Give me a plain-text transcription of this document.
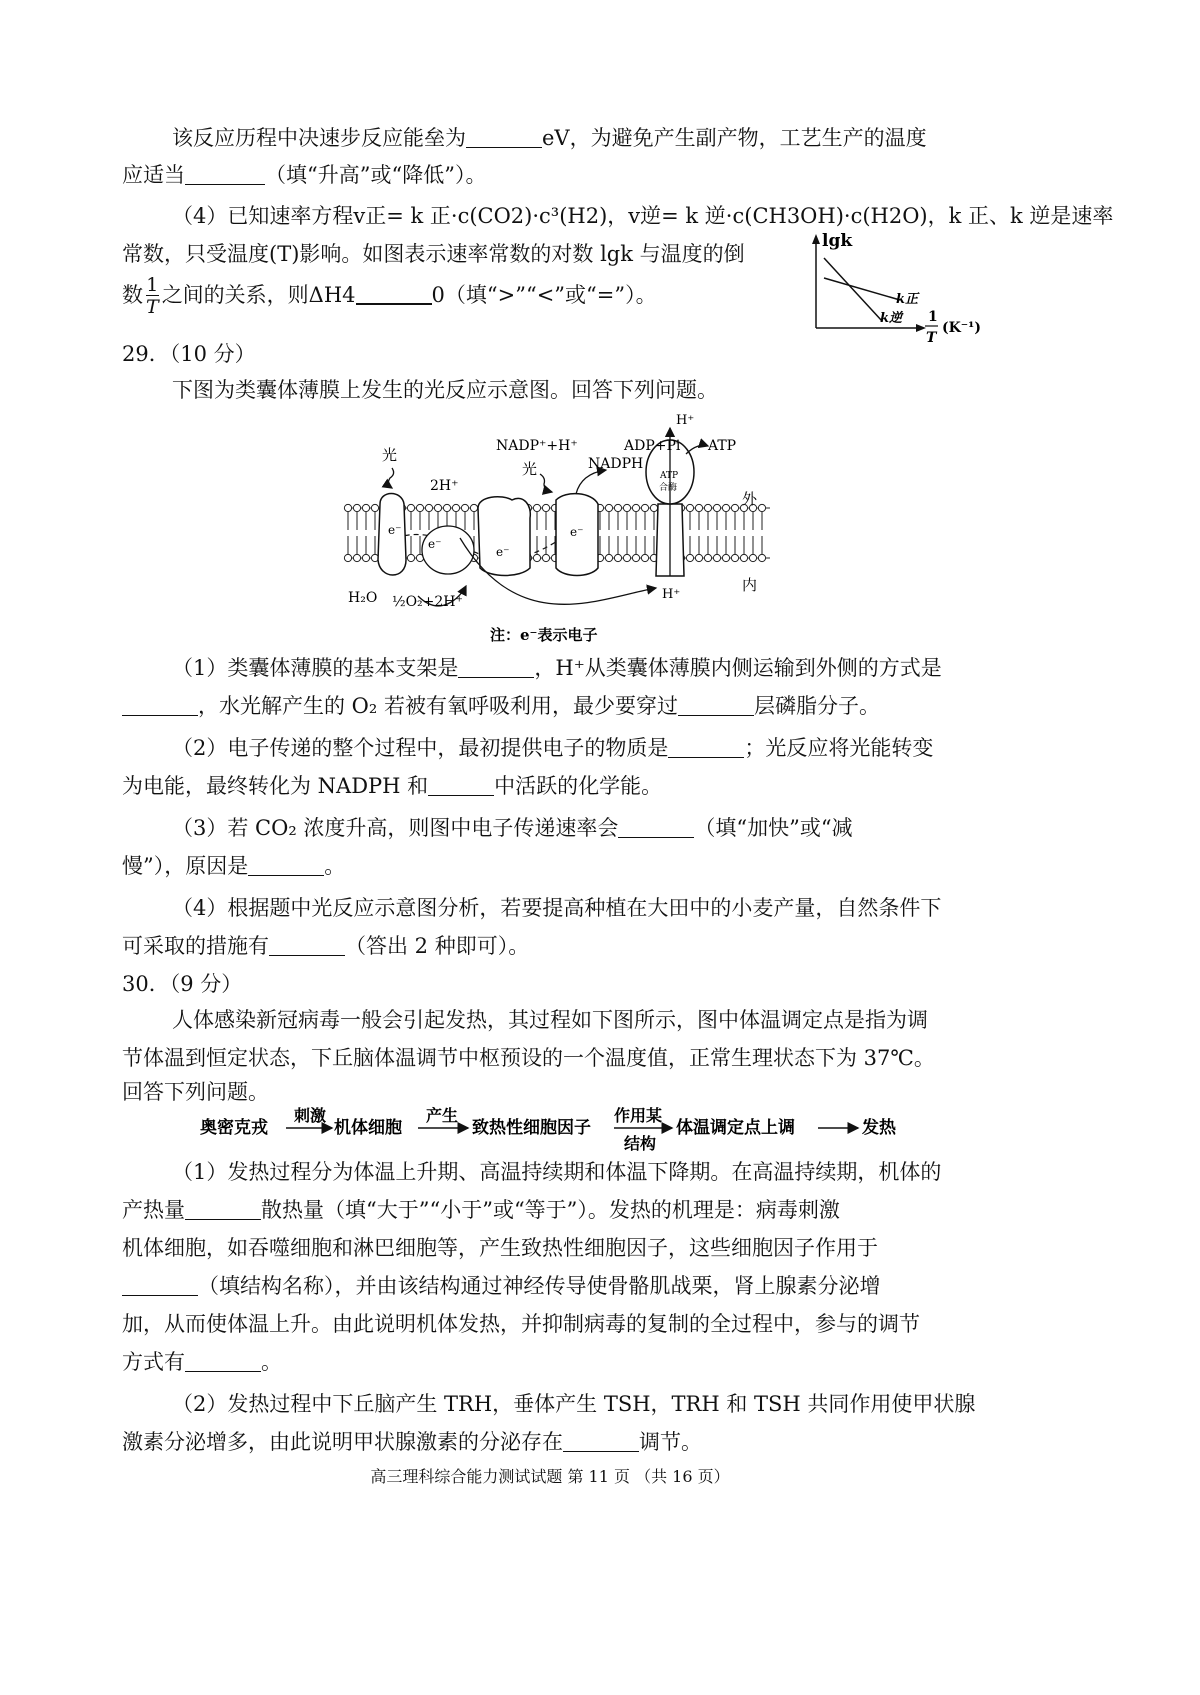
该反应历程中决速步反应能垒为	eV，为避免产生副产物，工艺生产的温度
应适当	（填“升高”或“降低”）。
（4）已知速率方程v正= k 正·c(CO2)·c³(H2)，v逆= k 逆·c(CH3OH)·c(H2O)，k 正、k 逆是速率
常数，只受温度(T)影响。如图表示速率常数的对数 lgk 与温度的倒
数 $\frac{1}{T}$ 之间的关系，则ΔH4	0（填“>”“<”或“=”）。
lgk
k正
k逆 1
T
(K⁻¹)
29．（10 分）
下图为类囊体薄膜上发生的光反应示意图。回答下列问题。
光
光
2H⁺
NADP⁺+H⁺
NADPH
ADP+Pi ATP
H⁺
H⁺
ATP
合酶
外
内
H₂O ½O₂+2H⁺
e⁻
e⁻
e⁻
e⁻
注：e⁻表示电子
（1）类囊体薄膜的基本支架是	，H⁺从类囊体薄膜内侧运输到外侧的方式是
，水光解产生的 O₂ 若被有氧呼吸利用，最少要穿过	层磷脂分子。
（2）电子传递的整个过程中，最初提供电子的物质是	；光反应将光能转变
为电能，最终转化为 NADPH 和	中活跃的化学能。
（3）若 CO₂ 浓度升高，则图中电子传递速率会	（填“加快”或“减
慢”），原因是	。
（4）根据题中光反应示意图分析，若要提高种植在大田中的小麦产量，自然条件下
可采取的措施有	（答出 2 种即可）。
30．（9 分）
人体感染新冠病毒一般会引起发热，其过程如下图所示，图中体温调定点是指为调
节体温到恒定状态，下丘脑体温调节中枢预设的一个温度值，正常生理状态下为 37℃。
回答下列问题。
奥密克戎
刺激
机体细胞
产生
致热性细胞因子
作用某
结构
体温调定点上调	发热
（1）发热过程分为体温上升期、高温持续期和体温下降期。在高温持续期，机体的
产热量	散热量（填“大于”“小于”或“等于”）。发热的机理是：病毒刺激
机体细胞，如吞噬细胞和淋巴细胞等，产生致热性细胞因子，这些细胞因子作用于
（填结构名称），并由该结构通过神经传导使骨骼肌战栗，肾上腺素分泌增
加，从而使体温上升。由此说明机体发热，并抑制病毒的复制的全过程中，参与的调节
方式有	。
（2）发热过程中下丘脑产生 TRH，垂体产生 TSH，TRH 和 TSH 共同作用使甲状腺
激素分泌增多，由此说明甲状腺激素的分泌存在	调节。
高三理科综合能力测试试题 第 11 页 （共 16 页）
